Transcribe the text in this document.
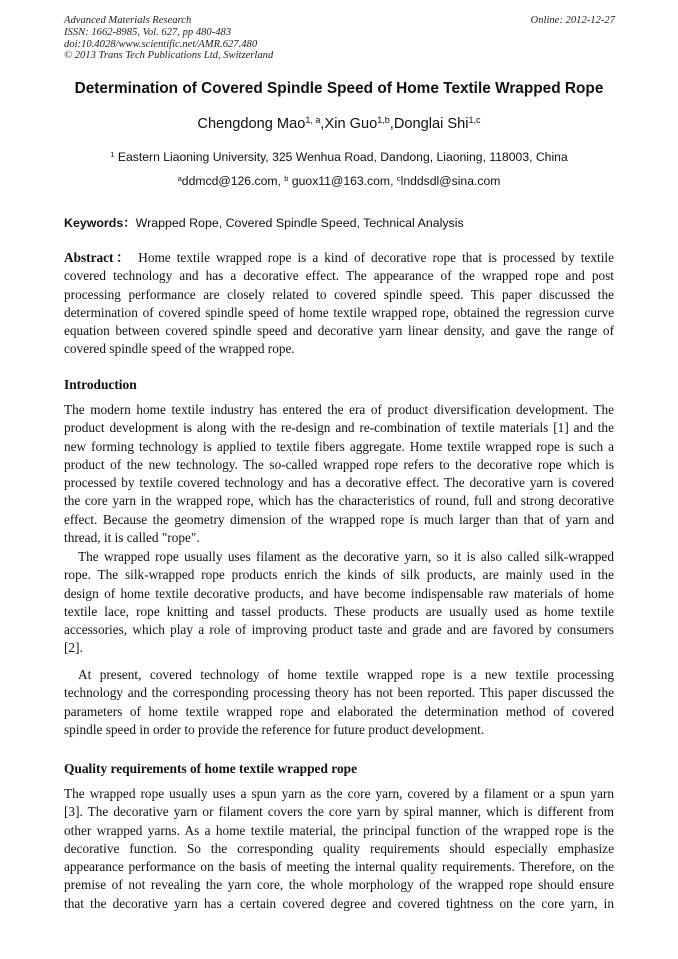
Advanced Materials Research
ISSN: 1662-8985, Vol. 627, pp 480-483
doi:10.4028/www.scientific.net/AMR.627.480
© 2013 Trans Tech Publications Ltd, Switzerland
Online: 2012-12-27
Determination of Covered Spindle Speed of Home Textile Wrapped Rope
Chengdong Mao$^{1, a}$,Xin Guo$^{1,b}$,Donglai Shi$^{1,c}$
$^1$ Eastern Liaoning University, 325 Wenhua Road, Dandong, Liaoning, 118003, China
$^a$ddmcd@126.com, $^b$ guox11@163.com, $^c$lnddsdl@sina.com
Keywords：Wrapped Rope, Covered Spindle Speed, Technical Analysis
Abstract： Home textile wrapped rope is a kind of decorative rope that is processed by textile
covered technology and has a decorative effect. The appearance of the wrapped rope and post
processing performance are closely related to covered spindle speed. This paper discussed the
determination of covered spindle speed of home textile wrapped rope, obtained the regression curve
equation between covered spindle speed and decorative yarn linear density, and gave the range of
covered spindle speed of the wrapped rope.
Introduction
The modern home textile industry has entered the era of product diversification development. The
product development is along with the re-design and re-combination of textile materials [1] and the
new forming technology is applied to textile fibers aggregate. Home textile wrapped rope is such a
product of the new technology. The so-called wrapped rope refers to the decorative rope which is
processed by textile covered technology and has a decorative effect. The decorative yarn is covered
the core yarn in the wrapped rope, which has the characteristics of round, full and strong decorative
effect. Because the geometry dimension of the wrapped rope is much larger than that of yarn and
thread, it is called "rope".
The wrapped rope usually uses filament as the decorative yarn, so it is also called silk-wrapped
rope. The silk-wrapped rope products enrich the kinds of silk products, are mainly used in the
design of home textile decorative products, and have become indispensable raw materials of home
textile lace, rope knitting and tassel products. These products are usually used as home textile
accessories, which play a role of improving product taste and grade and are favored by consumers
[2].
At present, covered technology of home textile wrapped rope is a new textile processing
technology and the corresponding processing theory has not been reported. This paper discussed the
parameters of home textile wrapped rope and elaborated the determination method of covered
spindle speed in order to provide the reference for future product development.
Quality requirements of home textile wrapped rope
The wrapped rope usually uses a spun yarn as the core yarn, covered by a filament or a spun yarn
[3]. The decorative yarn or filament covers the core yarn by spiral manner, which is different from
other wrapped yarns. As a home textile material, the principal function of the wrapped rope is the
decorative function. So the corresponding quality requirements should especially emphasize
appearance performance on the basis of meeting the internal quality requirements. Therefore, on the
premise of not revealing the yarn core, the whole morphology of the wrapped rope should ensure
that the decorative yarn has a certain covered degree and covered tightness on the core yarn, in
